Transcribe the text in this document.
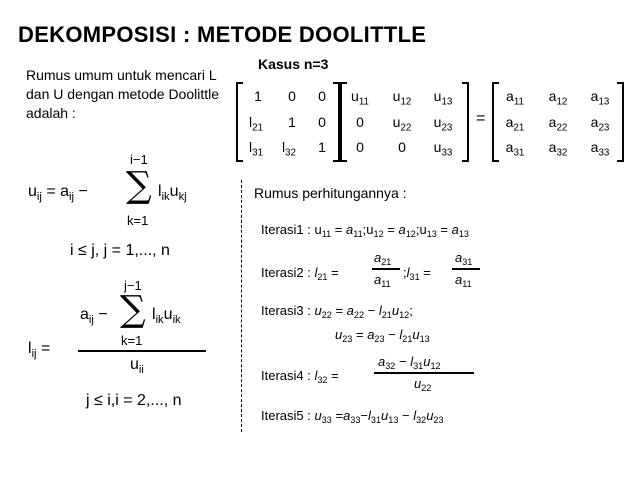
DEKOMPOSISI : METODE DOOLITTLE
Rumus umum untuk mencari L dan U dengan metode Doolittle adalah :
Kasus n=3
=
1	0	0
$l_{21}$	1	0
$l_{31}$	$l_{32}$	1
$u_{11}$	$u_{12}$	$u_{13}$
0	$u_{22}$	$u_{23}$
0	0	$u_{33}$
$a_{11}$	$a_{12}$	$a_{13}$
$a_{21}$	$a_{22}$	$a_{23}$
$a_{31}$	$a_{32}$	$a_{33}$
i−1
$u_{ij} = a_{ij}$ − ∑ $l_{ik}u_{kj}$
k=1
i ≤ j, j = 1,..., n
j−1
$a_{ij}$ − ∑ $l_{ik}u_{ik}$
k=1
$l_{ij}$ =
$u_{ii}$
j ≤ i,i = 2,..., n
Rumus perhitungannya :
Iterasi1 : $u_{11}$ = $a_{11};u_{12}$ = $a_{12};u_{13} = a_{13}$
Iterasi2 : $l_{21}$ =
$a_{21}$
$a_{11}$
$;l_{31}$ =
$a_{31}$
$a_{11}$
Iterasi3 : $u_{22} = a_{22} - l_{21}u_{12}$;
$u_{23} = a_{23} - l_{21}u_{13}$
Iterasi4 : $l_{32}$ =
$a_{32} - l_{31}u_{12}$
$u_{22}$
Iterasi5 : $u_{33} =a_{33}-l_{31}u_{13} - l_{32}u_{23}$
